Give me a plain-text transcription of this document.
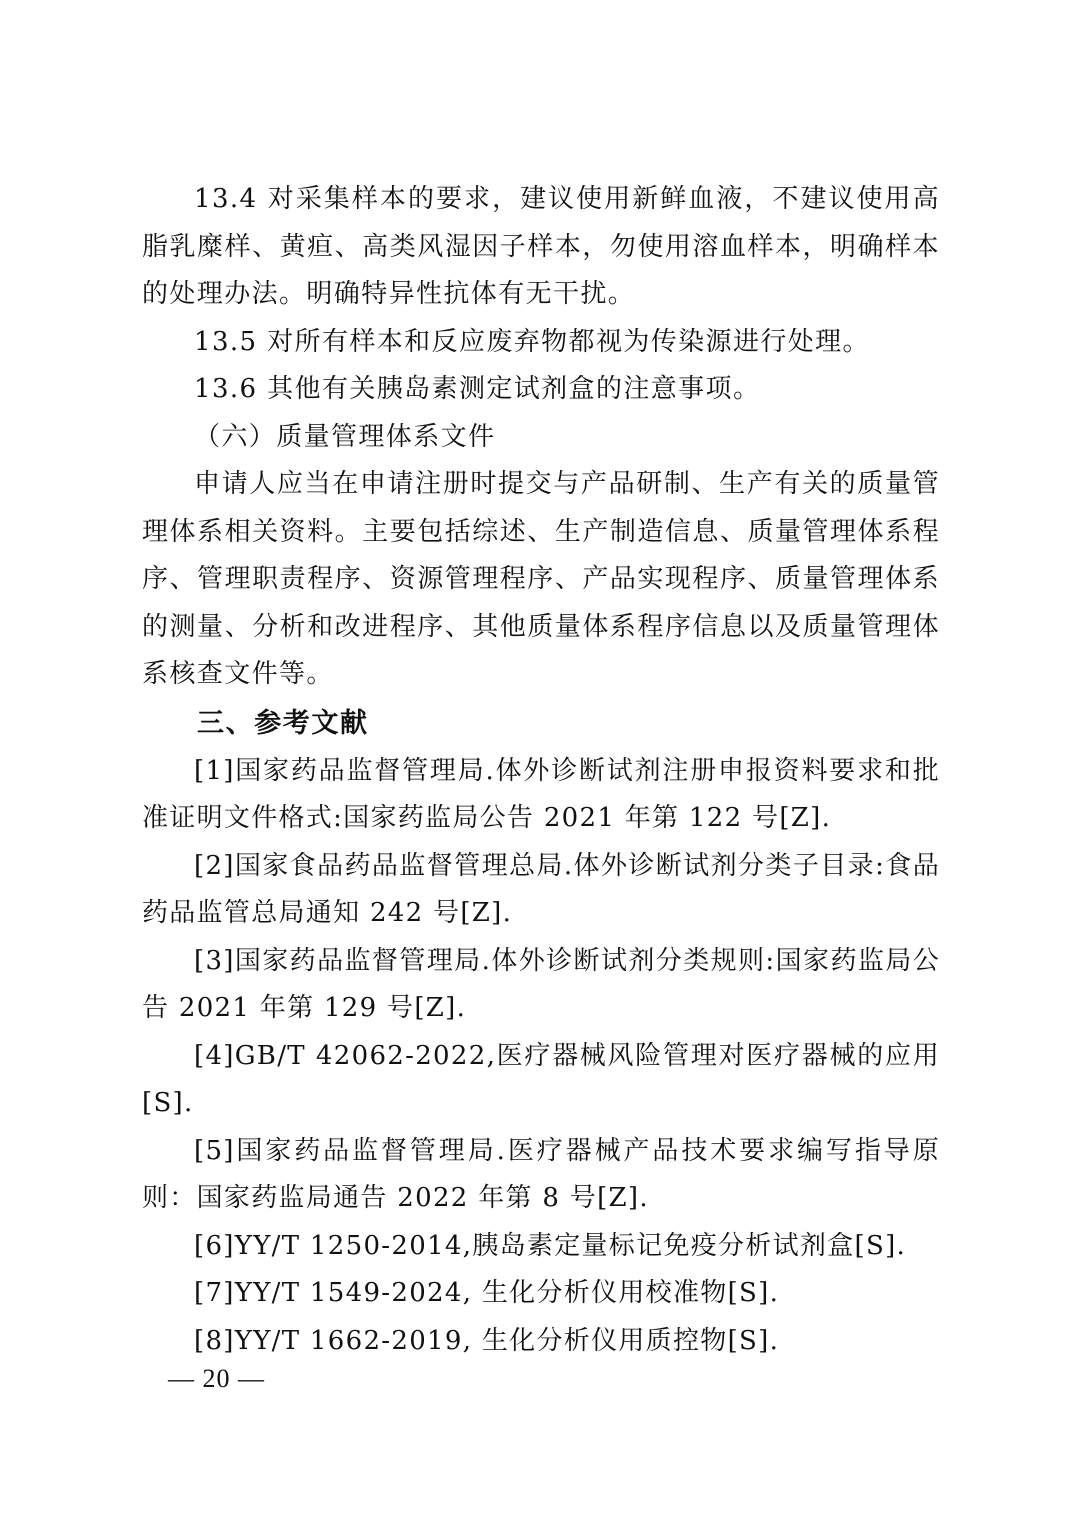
13.4 对采集样本的要求，建议使用新鲜血液，不建议使用高脂乳糜样、黄疸、高类风湿因子样本，勿使用溶血样本，明确样本的处理办法。明确特异性抗体有无干扰。

13.5 对所有样本和反应废弃物都视为传染源进行处理。

13.6 其他有关胰岛素测定试剂盒的注意事项。

（六）质量管理体系文件

申请人应当在申请注册时提交与产品研制、生产有关的质量管理体系相关资料。主要包括综述、生产制造信息、质量管理体系程序、管理职责程序、资源管理程序、产品实现程序、质量管理体系的测量、分析和改进程序、其他质量体系程序信息以及质量管理体系核查文件等。

三、参考文献

[1]国家药品监督管理局.体外诊断试剂注册申报资料要求和批准证明文件格式:国家药监局公告 2021 年第 122 号[Z].

[2]国家食品药品监督管理总局.体外诊断试剂分类子目录:食品药品监管总局通知 242 号[Z].

[3]国家药品监督管理局.体外诊断试剂分类规则:国家药监局公告 2021 年第 129 号[Z].

[4]GB/T 42062-2022,医疗器械风险管理对医疗器械的应用[S].

[5]国家药品监督管理局.医疗器械产品技术要求编写指导原则：国家药监局通告 2022 年第 8 号[Z].

[6]YY/T 1250-2014,胰岛素定量标记免疫分析试剂盒[S].

[7]YY/T 1549-2024, 生化分析仪用校准物[S].

[8]YY/T 1662-2019, 生化分析仪用质控物[S].

— 20 —
